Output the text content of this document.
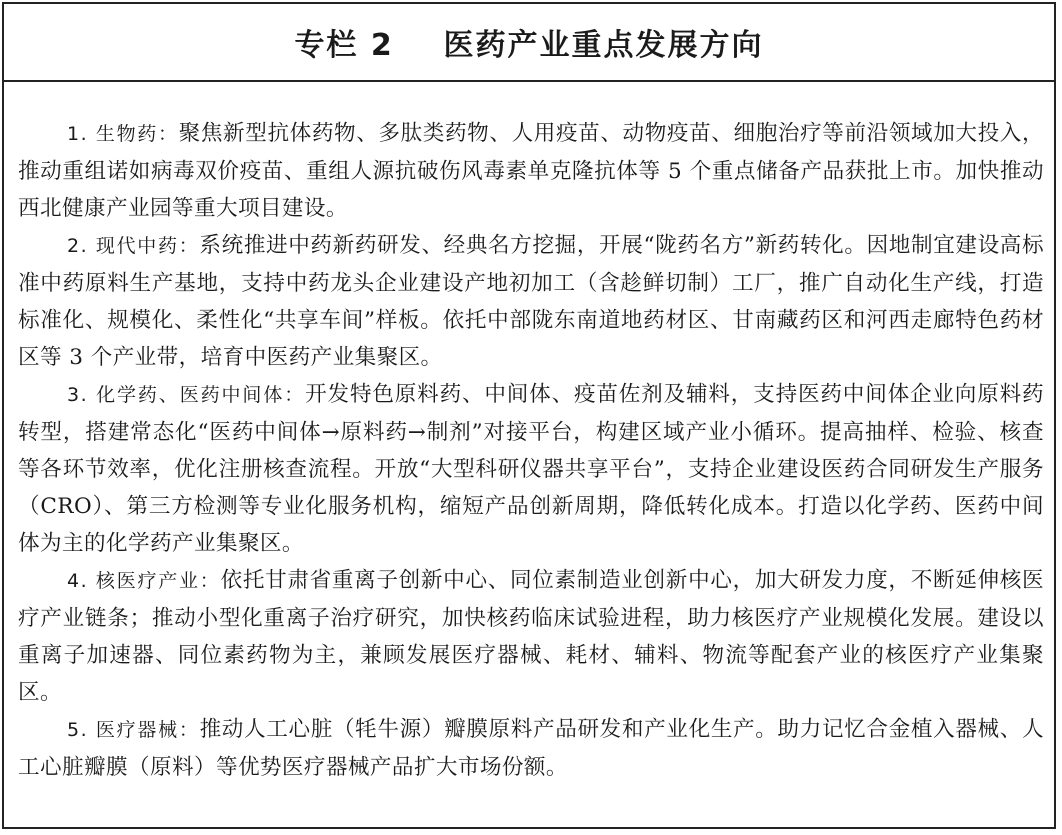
专栏 2    医药产业重点发展方向

1. 生物药：聚焦新型抗体药物、多肽类药物、人用疫苗、动物疫苗、细胞治疗等前沿领域加大投入，推动重组诺如病毒双价疫苗、重组人源抗破伤风毒素单克隆抗体等 5 个重点储备产品获批上市。加快推动西北健康产业园等重大项目建设。

2. 现代中药：系统推进中药新药研发、经典名方挖掘，开展“陇药名方”新药转化。因地制宜建设高标准中药原料生产基地，支持中药龙头企业建设产地初加工（含趁鲜切制）工厂，推广自动化生产线，打造标准化、规模化、柔性化“共享车间”样板。依托中部陇东南道地药材区、甘南藏药区和河西走廊特色药材区等 3 个产业带，培育中医药产业集聚区。

3. 化学药、医药中间体：开发特色原料药、中间体、疫苗佐剂及辅料，支持医药中间体企业向原料药转型，搭建常态化“医药中间体→原料药→制剂”对接平台，构建区域产业小循环。提高抽样、检验、核查等各环节效率，优化注册核查流程。开放“大型科研仪器共享平台”，支持企业建设医药合同研发生产服务（CRO）、第三方检测等专业化服务机构，缩短产品创新周期，降低转化成本。打造以化学药、医药中间体为主的化学药产业集聚区。

4. 核医疗产业：依托甘肃省重离子创新中心、同位素制造业创新中心，加大研发力度，不断延伸核医疗产业链条；推动小型化重离子治疗研究，加快核药临床试验进程，助力核医疗产业规模化发展。建设以重离子加速器、同位素药物为主，兼顾发展医疗器械、耗材、辅料、物流等配套产业的核医疗产业集聚区。

5. 医疗器械：推动人工心脏（牦牛源）瓣膜原料产品研发和产业化生产。助力记忆合金植入器械、人工心脏瓣膜（原料）等优势医疗器械产品扩大市场份额。
